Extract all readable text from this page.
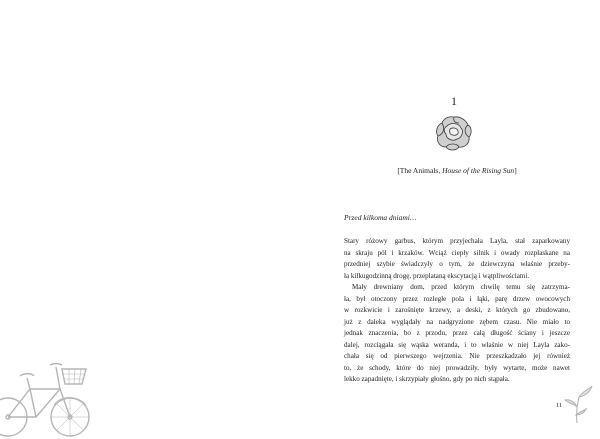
1
[The Animals, House of the Rising Sun]
Przed kilkoma dniami…
Stary różowy garbus, którym przyjechała Layla, stał zaparkowany
na skraju pól i krzaków. Wciąż ciepły silnik i owady rozpłaskane na
przedniej szybie świadczyły o tym, że dziewczyna właśnie przeby-
ła kilkugodzinną drogę, przeplataną ekscytacją i wątpliwościami.
Mały drewniany dom, przed którym chwilę temu się zatrzyma-
ła, był otoczony przez rozległe pola i łąki, parę drzew owocowych
w rozkwicie i zarośnięte krzewy, a deski, z których go zbudowano,
już z daleka wyglądały na nadgryzione zębem czasu. Nie miało to
jednak znaczenia, bo z przodu, przez całą długość ściany i jeszcze
dalej, rozciągała się wąska weranda, i to właśnie w niej Layla zako-
chała się od pierwszego wejrzenia. Nie przeszkadzało jej również
to, że schody, które do niej prowadziły, były wytarte, może nawet
lekko zapadnięte, i skrzypiały głośno, gdy po nich stąpała.
11
